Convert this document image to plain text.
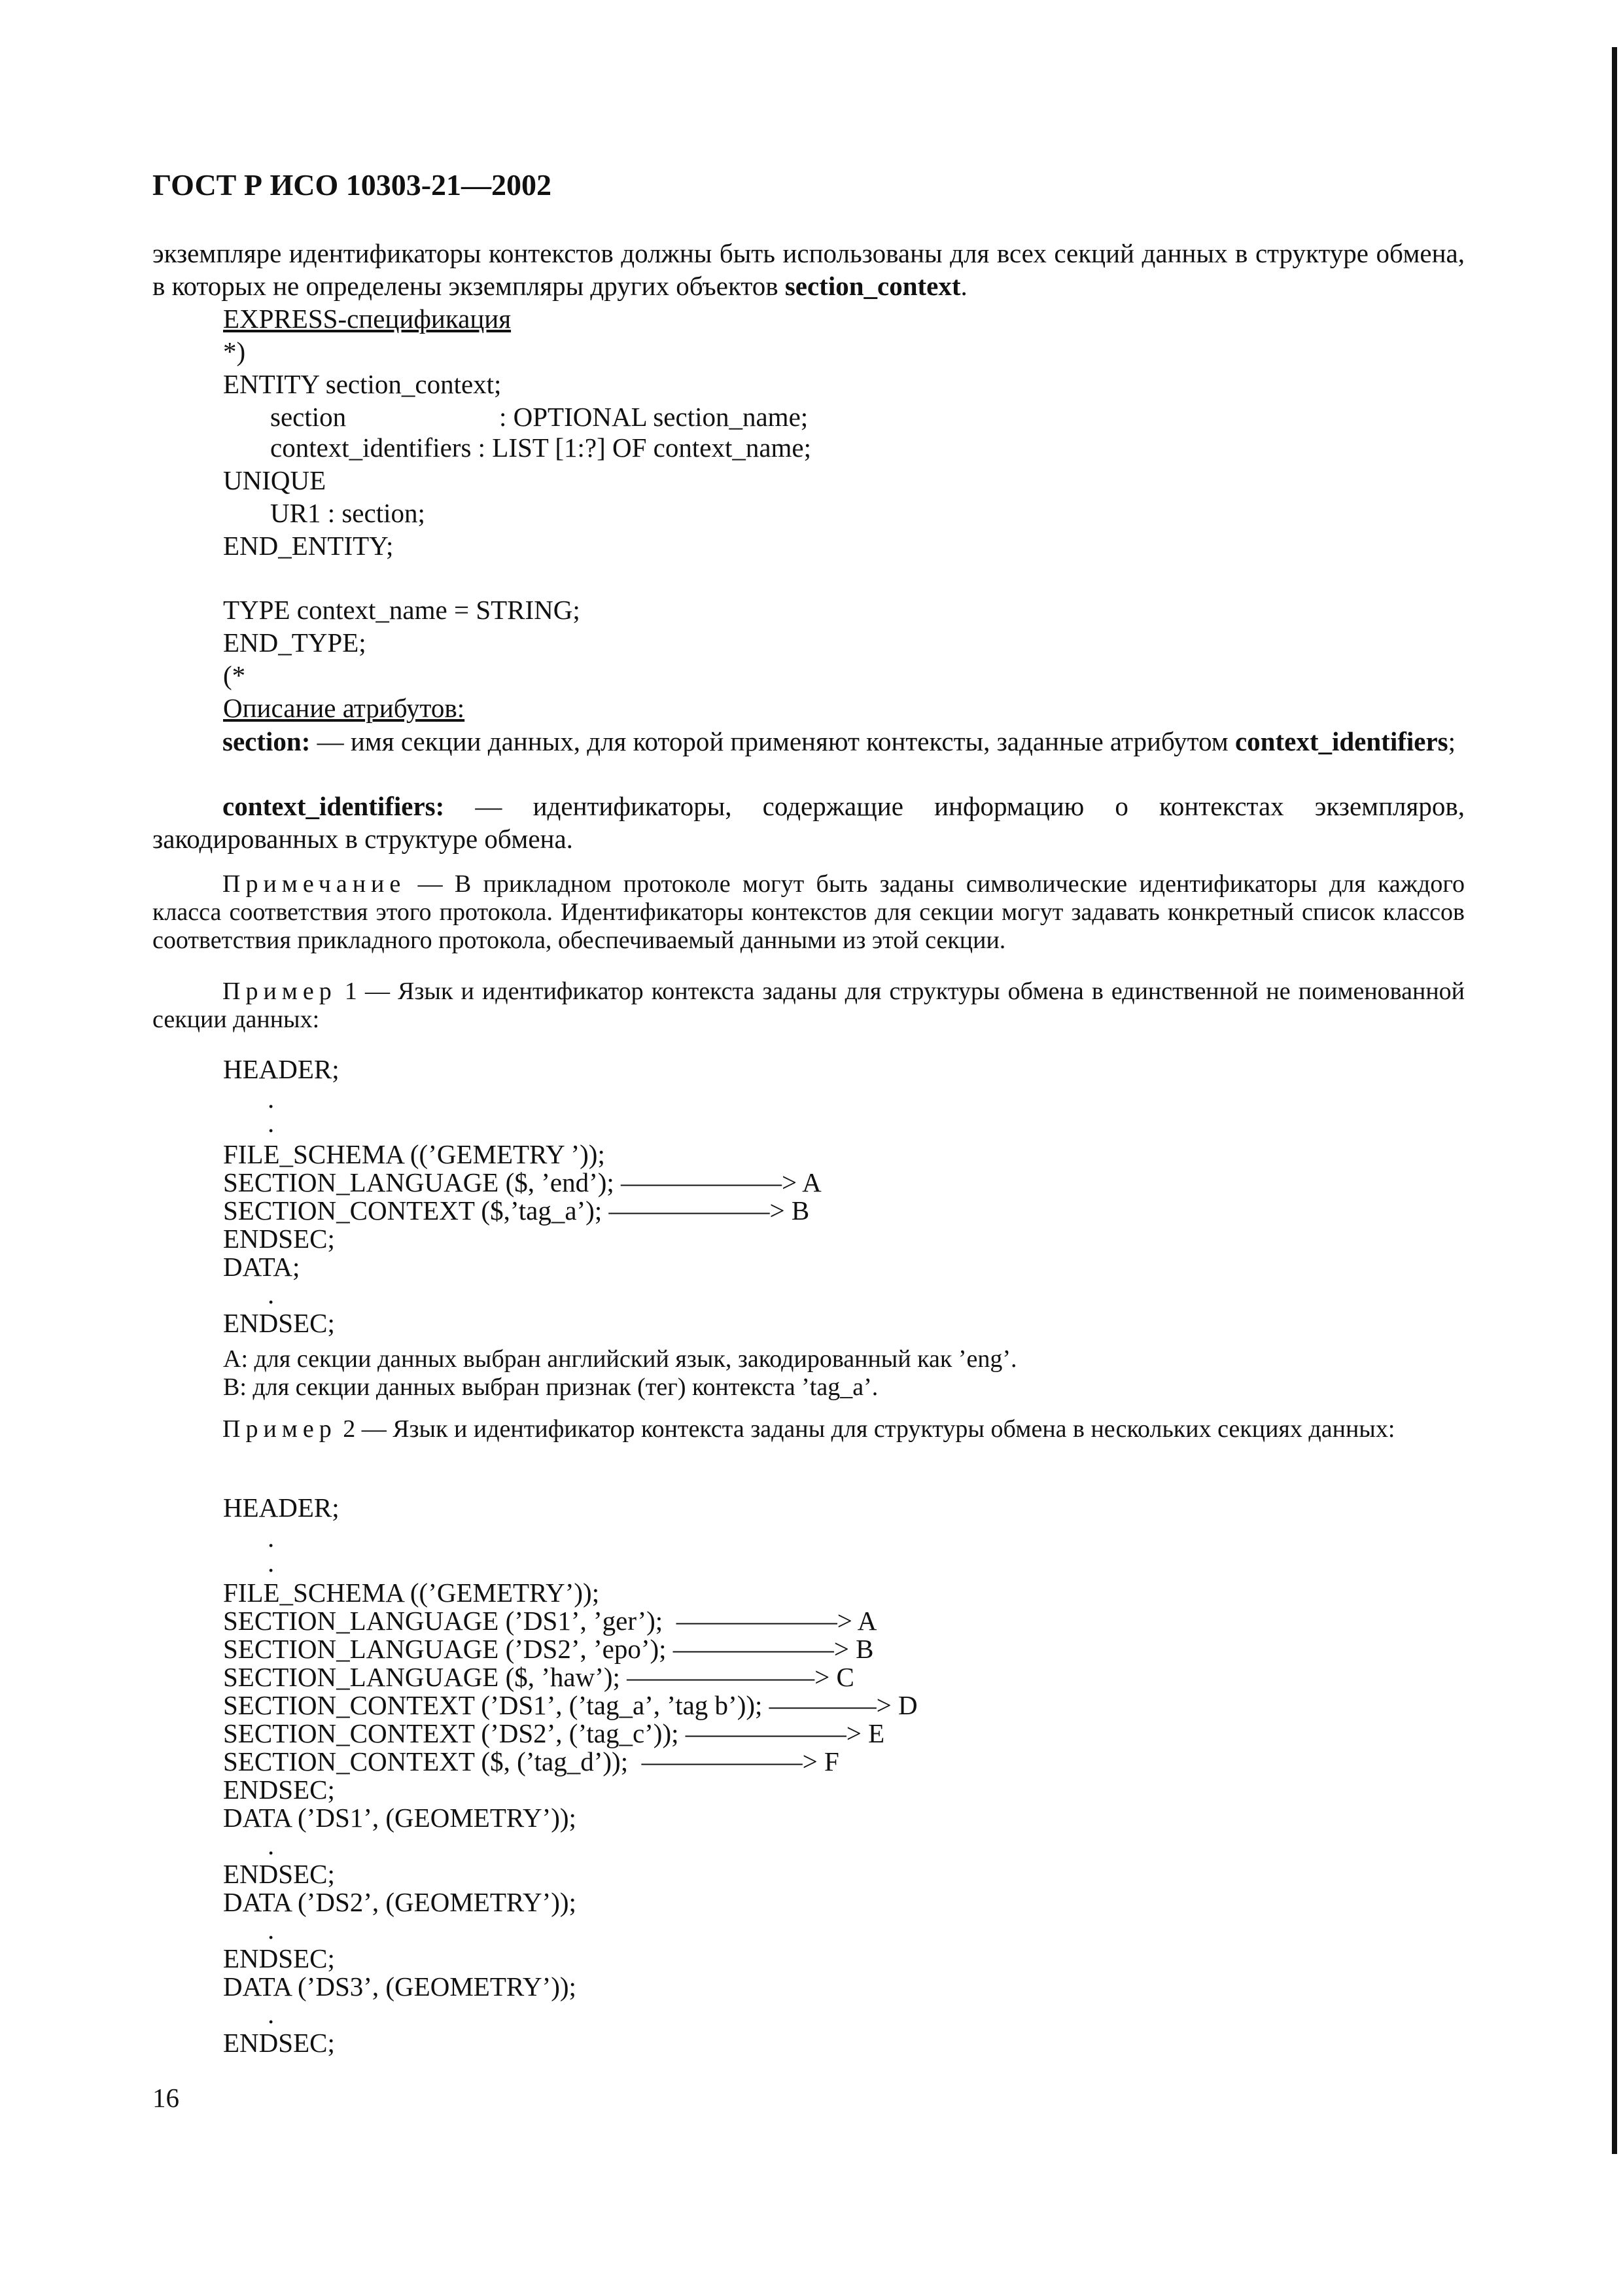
ГОСТ Р ИСО 10303-21—2002
экземпляре идентификаторы контекстов должны быть использованы для всех секций данных в структуре обмена, в которых не определены экземпляры других объектов section_context.
EXPRESS-спецификация
*)
ENTITY section_context;
section	: OPTIONAL section_name;
context_identifiers : LIST [1:?] OF context_name;
UNIQUE
UR1 : section;
END_ENTITY;
TYPE context_name = STRING;
END_TYPE;
(*
Описание атрибутов:
section: — имя секции данных, для которой применяют контексты, заданные атрибутом context_identifiers;
context_identifiers: — идентификаторы, содержащие информацию о контекстах экземпляров, закодированных в структуре обмена.
Примечание — В прикладном протоколе могут быть заданы символические идентификаторы для каждого класса соответствия этого протокола. Идентификаторы контекстов для секции могут задавать конкретный список классов соответствия прикладного протокола, обеспечиваемый данными из этой секции.
Пример 1 — Язык и идентификатор контекста заданы для структуры обмена в единственной не поименованной секции данных:
HEADER;
.
.
FILE_SCHEMA ((’GEMETRY ’));
SECTION_LANGUAGE ($, ’end’); ——————> A
SECTION_CONTEXT ($,’tag_a’); ——————> B
ENDSEC;
DATA;
.
ENDSEC;
A: для секции данных выбран английский язык, закодированный как ’eng’.
B: для секции данных выбран признак (тег) контекста ’tag_a’.
Пример 2 — Язык и идентификатор контекста заданы для структуры обмена в нескольких секциях данных:
HEADER;
.
.
FILE_SCHEMA ((’GEMETRY’));
SECTION_LANGUAGE (’DS1’, ’ger’);  ——————> A
SECTION_LANGUAGE (’DS2’, ’epo’); ——————> B
SECTION_LANGUAGE ($, ’haw’); ———————> C
SECTION_CONTEXT (’DS1’, (’tag_a’, ’tag b’)); ————> D
SECTION_CONTEXT (’DS2’, (’tag_c’)); ——————> E
SECTION_CONTEXT ($, (’tag_d’));  ——————> F
ENDSEC;
DATA (’DS1’, (GEOMETRY’));
.
ENDSEC;
DATA (’DS2’, (GEOMETRY’));
.
ENDSEC;
DATA (’DS3’, (GEOMETRY’));
.
ENDSEC;
16
